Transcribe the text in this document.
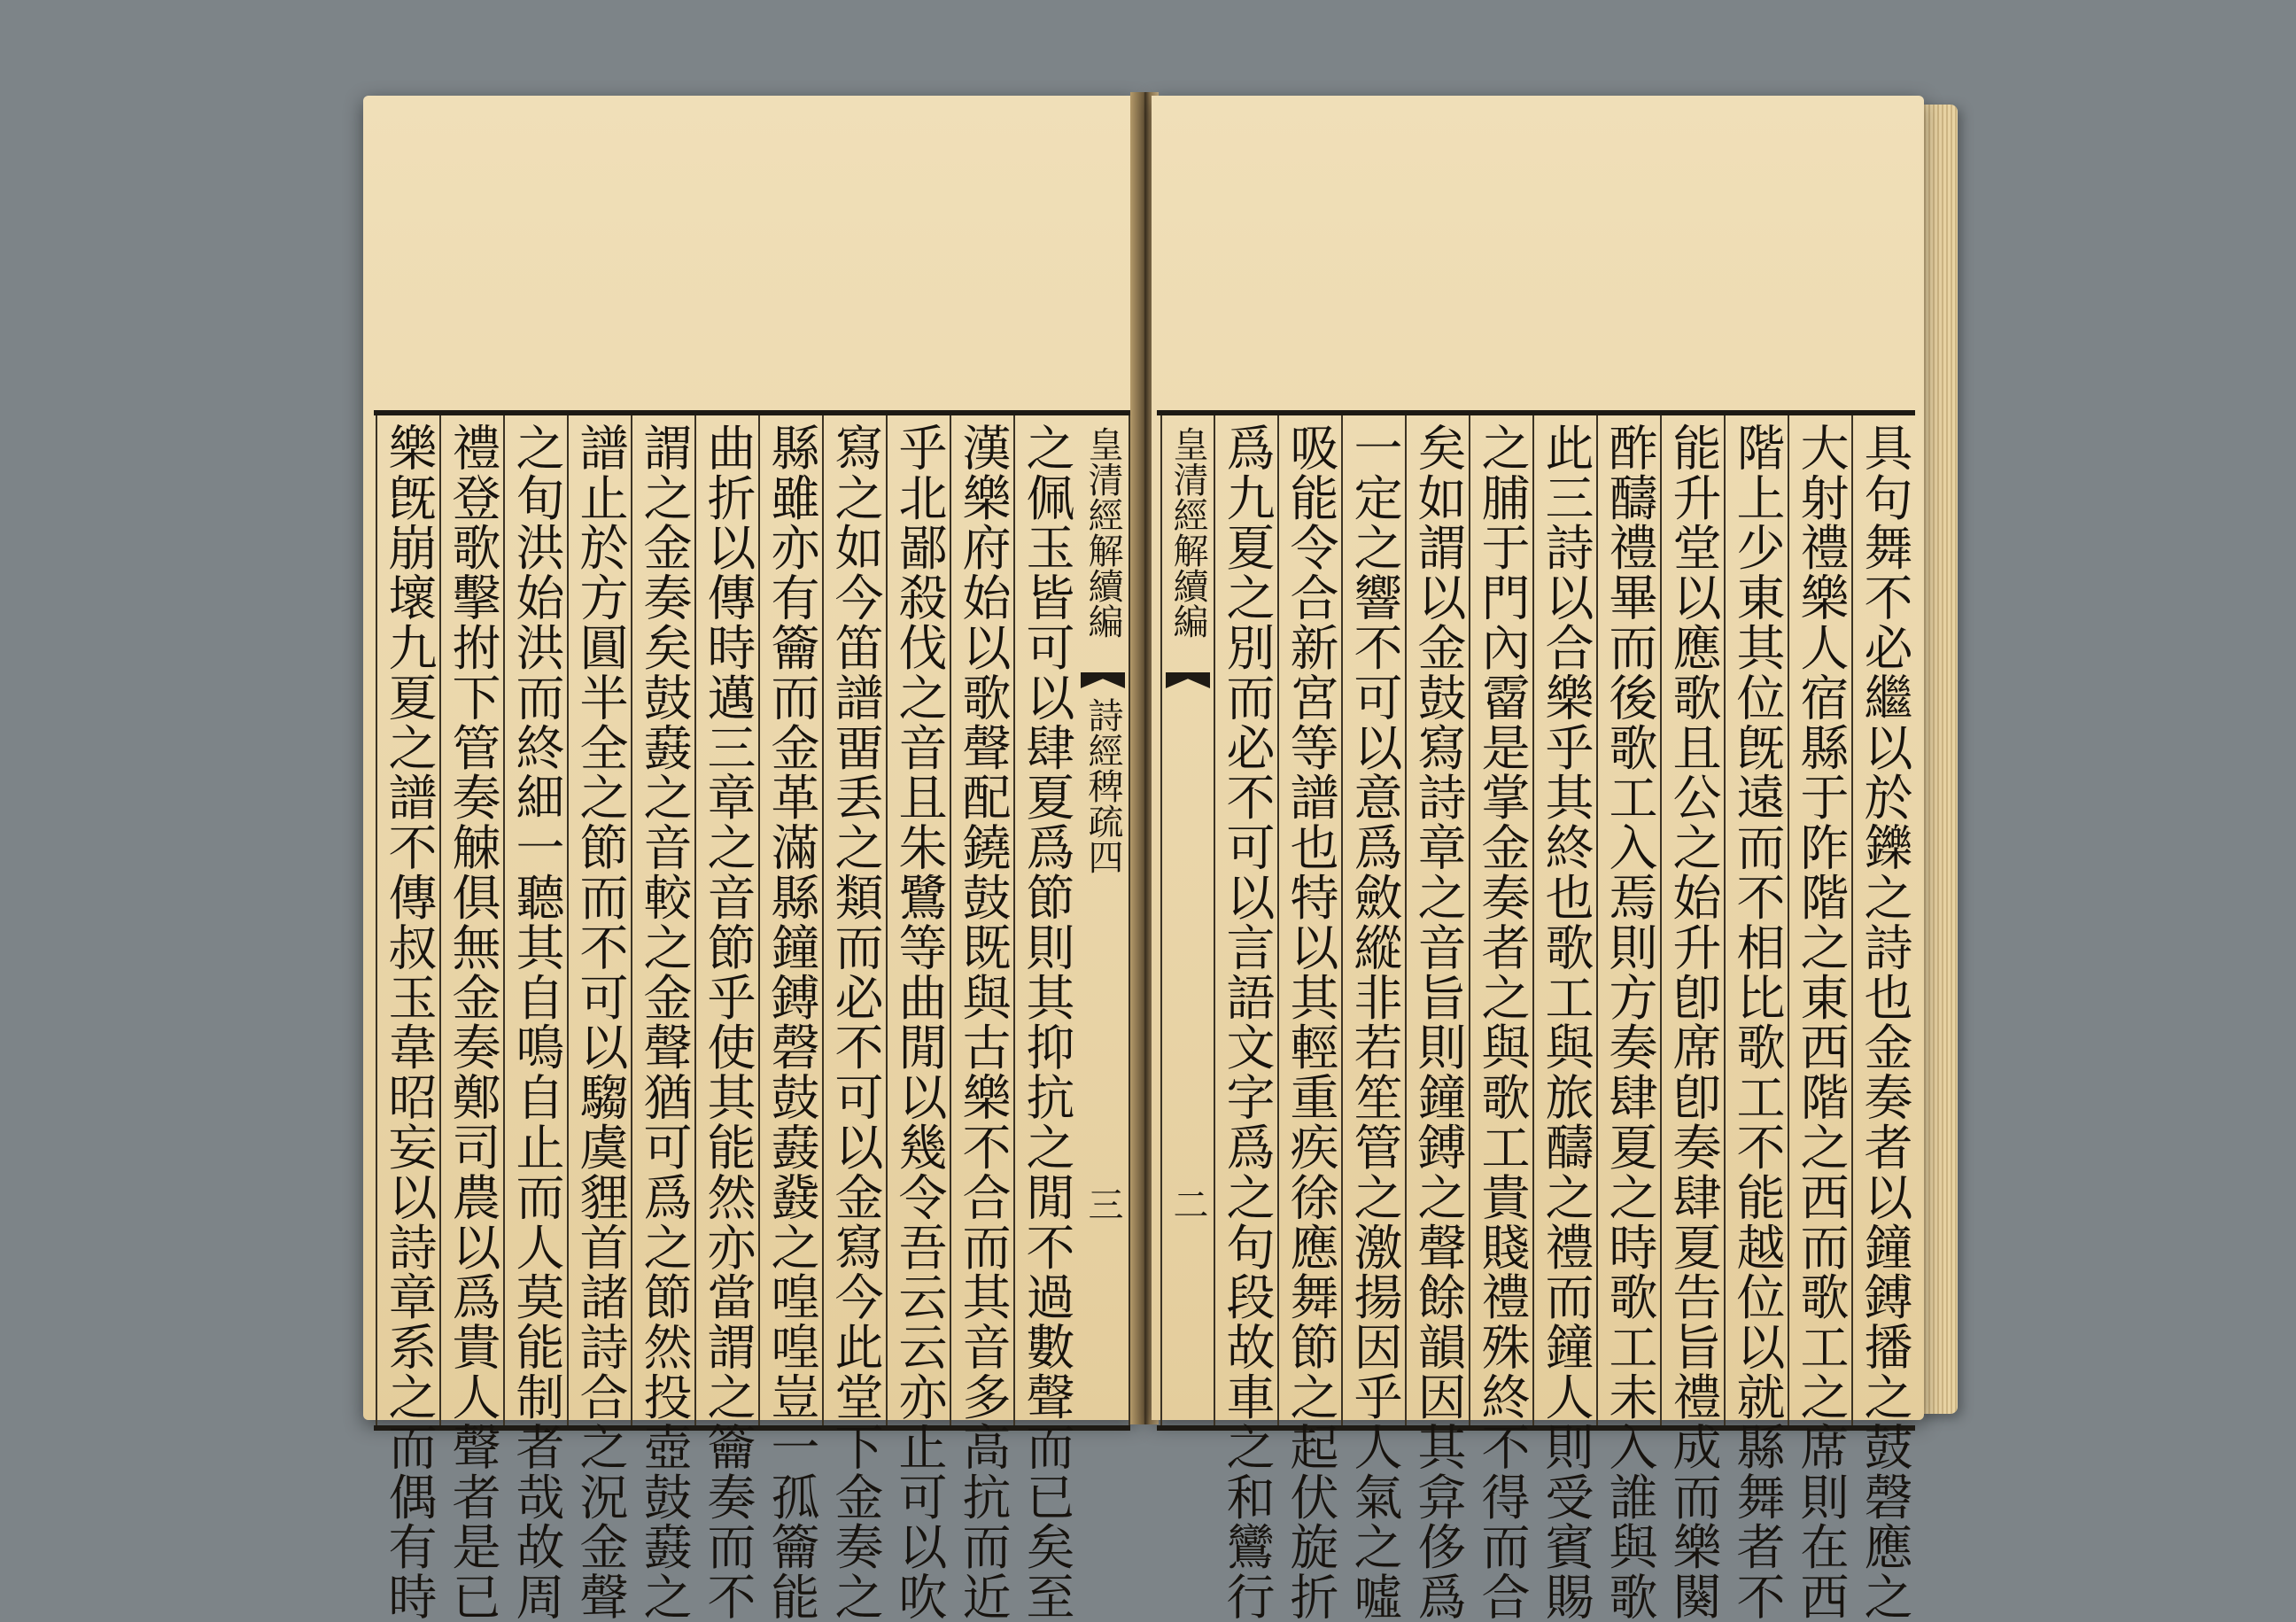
皇清經解續編
詩經稗疏四
三
之佩玉皆可以肆夏爲節則其抑抗之閒不過數聲而已矣至
漢樂府始以歌聲配鐃鼓既與古樂不合而其音多高抗而近
乎北鄙殺伐之音且朱鷺等曲閒以幾令吾云云亦止可以吹
寫之如今笛譜畱丢之類而必不可以金寫今此堂下金奏之
縣雖亦有籥而金革滿縣鐘鎛磬鼓鼖鼗之喤喤豈一孤籥能
曲折以傳時邁三章之音節乎使其能然亦當謂之籥奏而不
謂之金奏矣鼓鼖之音較之金聲猶可爲之節然投壺鼓鼖之
譜止於方圓半全之節而不可以騶虞貍首諸詩合之況金聲
之旬洪始洪而終細一聽其自鳴自止而人莫能制者哉故周
禮登歌擊拊下管奏觫俱無金奏鄭司農以爲貴人聲者是已
樂旣崩壞九夏之譜不傳叔玉韋昭妄以詩章系之而偶有時	具句舞不必繼以於鑠之詩也金奏者以鐘鎛播之鼓磬應之
大射禮樂人宿縣于阼階之東西階之西而歌工之席則在西
階上少東其位旣遠而不相比歌工不能越位以就縣舞者不
能升堂以應歌且公之始升卽席卽奏肆夏告旨禮成而樂闋
酢醻禮畢而後歌工入焉則方奏肆夏之時歌工未入誰與歌
此三詩以合樂乎其終也歌工與旅醻之禮而鐘人則受賓賜
之脯于門內霤是掌金奏者之與歌工貴賤禮殊終不得而合
矣如謂以金鼓寫詩章之音旨則鐘鎛之聲餘韻因其弇侈爲
一定之響不可以意爲斂縱非若笙管之激揚因乎人氣之噓
吸能令合新宮等譜也特以其輕重疾徐應舞節之起伏旋折
爲九夏之別而必不可以言語文字爲之句段故車之和鸞行
皇清經解續編
二
